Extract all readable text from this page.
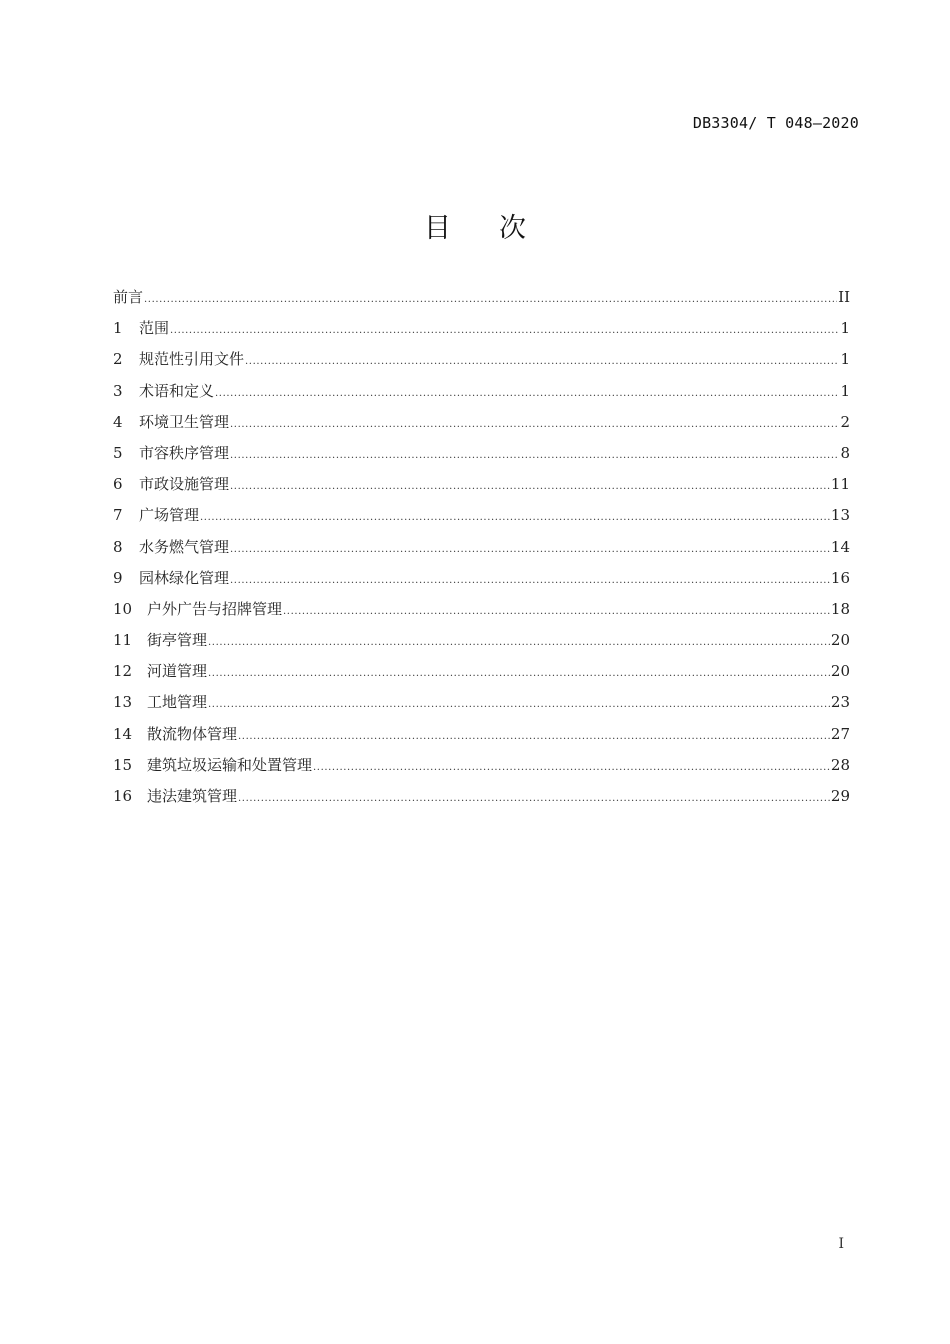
DB3304/ T 048—2020
目 次
前言 .....	II
1	范围 .....	1
2	规范性引用文件 .....	1
3	术语和定义 .....	1
4	环境卫生管理 .....	2
5	市容秩序管理 .....	8
6	市政设施管理 .....	11
7	广场管理 .....	13
8	水务燃气管理 .....	14
9	园林绿化管理 .....	16
10 户外广告与招牌管理 .....	18
11 街亭管理 .....	20
12 河道管理 .....	20
13 工地管理 .....	23
14 散流物体管理 .....	27
15 建筑垃圾运输和处置管理 .....	28
16 违法建筑管理 .....	29
I
